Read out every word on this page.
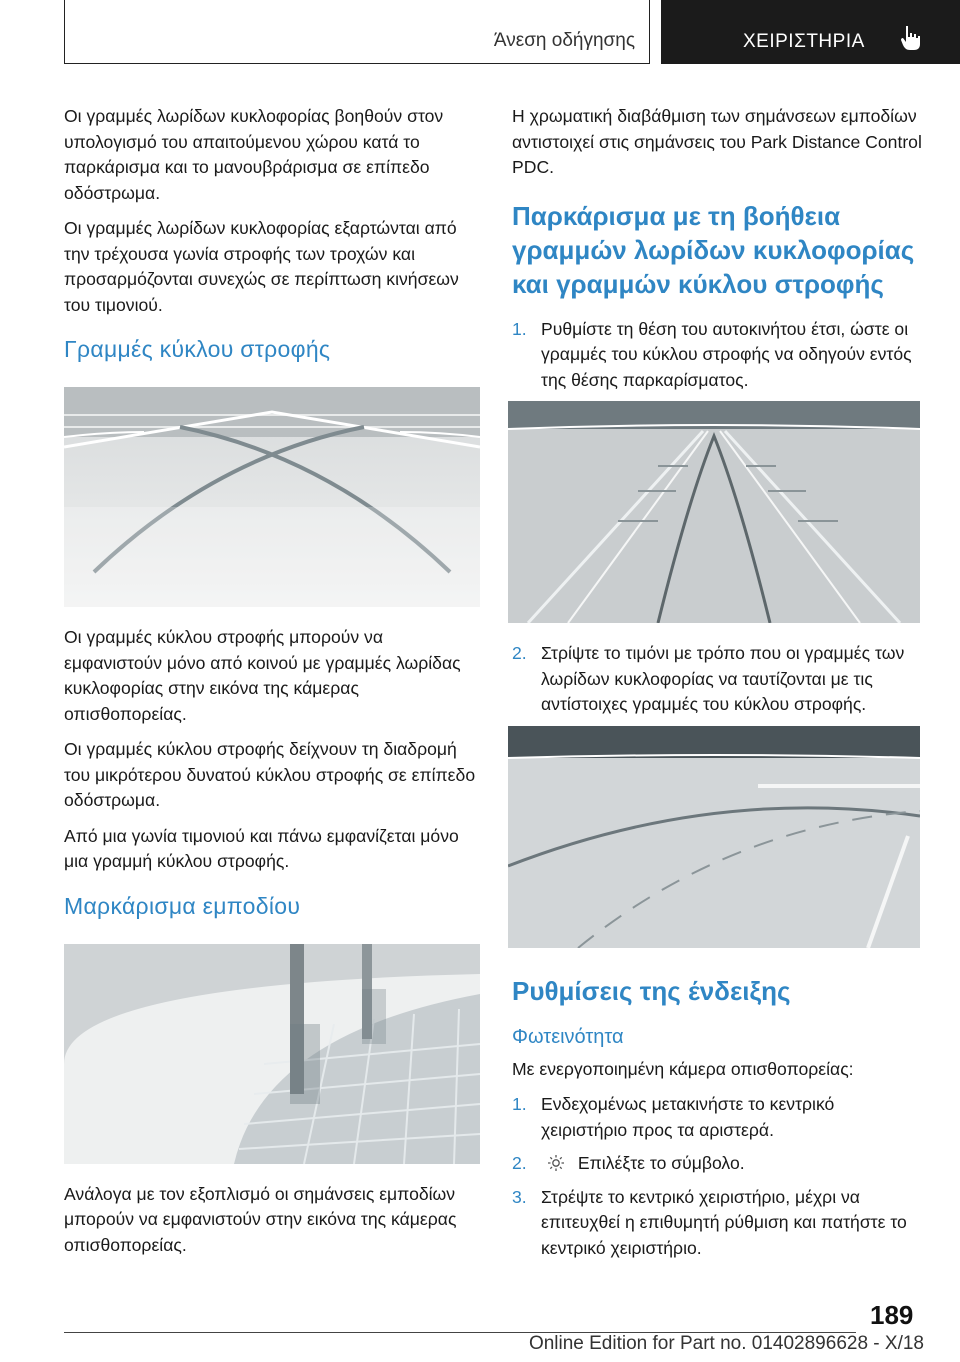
Άνεση οδήγησης	ΧΕΙΡΙΣΤΗΡΙΑ

Οι γραμμές λωρίδων κυκλοφορίας βοηθούν στον υπολογισμό του απαιτούμενου χώρου κατά το παρκάρισμα και το μανουβράρισμα σε επίπεδο οδόστρωμα.

Οι γραμμές λωρίδων κυκλοφορίας εξαρτώνται από την τρέχουσα γωνία στροφής των τροχών και προσαρμόζονται συνεχώς σε περίπτωση κινήσεων του τιμονιού.

Γραμμές κύκλου στροφής

Οι γραμμές κύκλου στροφής μπορούν να εμφανιστούν μόνο από κοινού με γραμμές λωρίδας κυκλοφορίας στην εικόνα της κάμερας οπισθοπορείας.

Οι γραμμές κύκλου στροφής δείχνουν τη διαδρομή του μικρότερου δυνατού κύκλου στροφής σε επίπεδο οδόστρωμα.

Από μια γωνία τιμονιού και πάνω εμφανίζεται μόνο μια γραμμή κύκλου στροφής.

Μαρκάρισμα εμποδίου

Ανάλογα με τον εξοπλισμό οι σημάνσεις εμποδίων μπορούν να εμφανιστούν στην εικόνα της κάμερας οπισθοπορείας.

Η χρωματική διαβάθμιση των σημάνσεων εμποδίων αντιστοιχεί στις σημάνσεις του Park Distance Control PDC.

Παρκάρισμα με τη βοήθεια γραμμών λωρίδων κυκλοφορίας και γραμμών κύκλου στροφής
1. Ρυθμίστε τη θέση του αυτοκινήτου έτσι, ώστε οι γραμμές του κύκλου στροφής να οδηγούν εντός της θέσης παρκαρίσματος.
2. Στρίψτε το τιμόνι με τρόπο που οι γραμμές των λωρίδων κυκλοφορίας να ταυτίζονται με τις αντίστοιχες γραμμές του κύκλου στροφής.
Ρυθμίσεις της ένδειξης
Φωτεινότητα

Με ενεργοποιημένη κάμερα οπισθοπορείας:

1. Ενδεχομένως μετακινήστε το κεντρικό χειριστήριο προς τα αριστερά.
2.	Επιλέξτε το σύμβολο.
3. Στρέψτε το κεντρικό χειριστήριο, μέχρι να επιτευχθεί η επιθυμητή ρύθμιση και πατήστε το κεντρικό χειριστήριο.
189
Online Edition for Part no. 01402896628 - X/18
